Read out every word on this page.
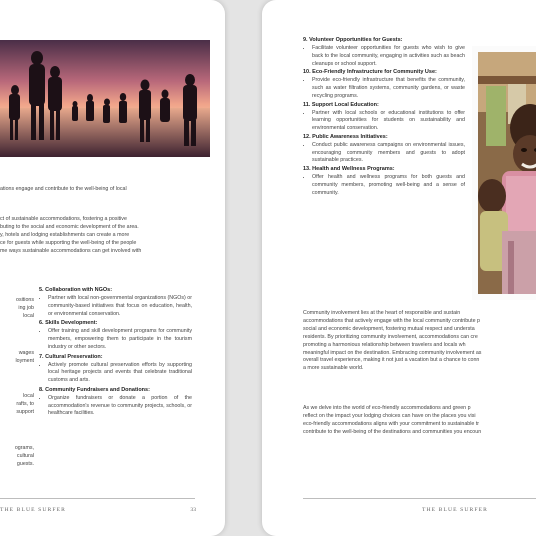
ations engage and contribute to the well-being of local
ct of sustainable accommodations, fostering a positive
buting to the social and economic development of the area.
y, hotels and lodging establishments can create a more
ce for guests while supporting the well-being of the people
me ways sustainable accommodations can get involved with
ositions
ing job
local
wages
loyment
local
rafts, to
support
ograms,
cultural
guests.

5. Collaboration with NGOs:

• Partner with local non-governmental organizations (NGOs) or community-based initiatives that focus on education, health, or environmental conservation.

6. Skills Development:

• Offer training and skill development programs for community members, empowering them to participate in the tourism industry or other sectors.

7. Cultural Preservation:

• Actively promote cultural preservation efforts by supporting local heritage projects and events that celebrate traditional customs and arts.

8. Community Fundraisers and Donations:

• Organize fundraisers or donate a portion of the accommodation's revenue to community projects, schools, or healthcare facilities.
THE BLUE SURFER	33

9. Volunteer Opportunities for Guests:

• Facilitate volunteer opportunities for guests who wish to give back to the local community, engaging in activities such as beach cleanups or school support.

10. Eco-Friendly Infrastructure for Community Use:

• Provide eco-friendly infrastructure that benefits the community, such as water filtration systems, community gardens, or waste recycling programs.

11. Support Local Education:

• Partner with local schools or educational institutions to offer learning opportunities for students on sustainability and environmental conservation.

12. Public Awareness Initiatives:

• Conduct public awareness campaigns on environmental issues, encouraging community members and guests to adopt sustainable practices.

13. Health and Wellness Programs:

• Offer health and wellness programs for both guests and community members, promoting well-being and a sense of community.
Community involvement lies at the heart of responsible and sustain
accommodations that actively engage with the local community contribute p
social and economic development, fostering mutual respect and understa
residents. By prioritizing community involvement, accommodations can cre
promoting a harmonious relationship between travelers and locals wh
meaningful impact on the destination. Embracing community involvement as
overall travel experience, making it not just a vacation but a chance to conn
a more sustainable world.
As we delve into the world of eco-friendly accommodations and green p
reflect on the impact your lodging choices can have on the places you visi
eco-friendly accommodations aligns with your commitment to sustainable tr
contribute to the well-being of the destinations and communities you encoun
THE BLUE SURFER
